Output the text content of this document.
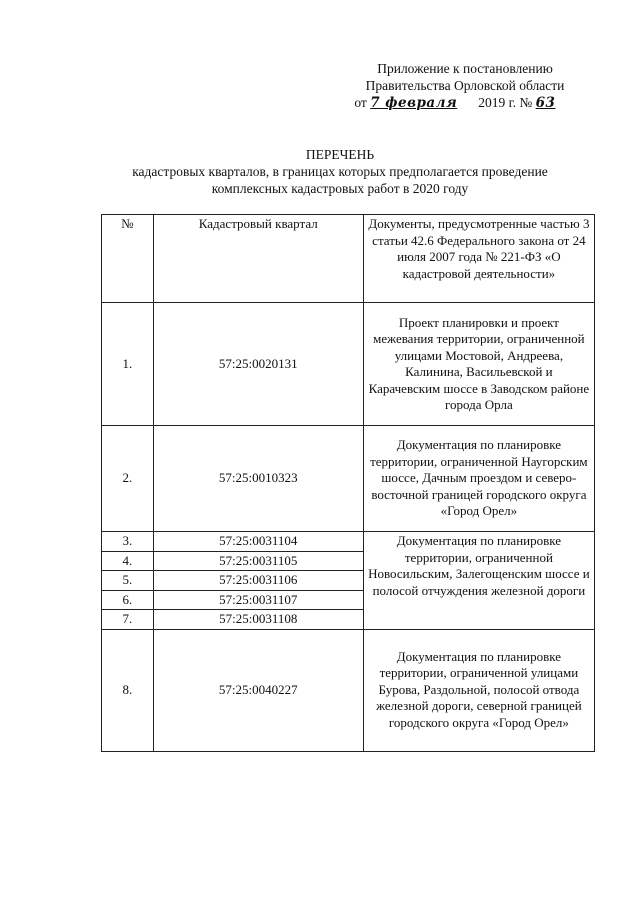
Приложение к постановлению
Правительства Орловской области
от 7 февраля 2019 г. № 63
ПЕРЕЧЕНЬ
кадастровых кварталов, в границах которых предполагается проведение
комплексных кадастровых работ в 2020 году
№	Кадастровый квартал	Документы, предусмотренные частью 3 статьи 42.6 Федерального закона от 24 июля 2007 года № 221-ФЗ «О кадастровой деятельности»
1.	57:25:0020131	Проект планировки и проект межевания территории, ограниченной улицами Мостовой, Андреева, Калинина, Васильевской и Карачевским шоссе в Заводском районе города Орла
2.	57:25:0010323	Документация по планировке территории, ограниченной Наугорским шоссе, Дачным проездом и северо-восточной границей городского округа «Город Орел»
3.	57:25:0031104	Документация по планировке территории, ограниченной Новосильским, Залегощенским шоссе и полосой отчуждения железной дороги
4.	57:25:0031105	
5.	57:25:0031106	
6.	57:25:0031107	
7.	57:25:0031108	
8.	57:25:0040227	Документация по планировке территории, ограниченной улицами Бурова, Раздольной, полосой отвода железной дороги, северной границей городского округа «Город Орел»
